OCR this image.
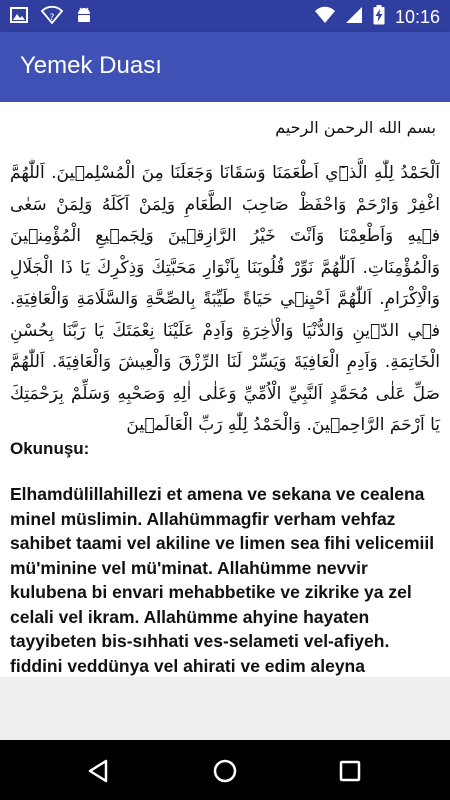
?	10:16
Yemek Duası
بسم الله الرحمن الرحيم
اَلْحَمْدُ لِلّٰهِ الَّذ۪ٓي اَطْعَمَنَا وَسَقَانَا وَجَعَلَنَا مِنَ الْمُسْلِم۪ينَ. اَللّٰهُمَّ اغْفِرْ وَارْحَمْ وَاحْفَظْ صَاحِبَ الطَّعَامِ وَلِمَنْ اَكَلَهُ وَلِمَنْ سَعٰى ف۪يهِ وَاَطْعِمْنَا وَاَنْتَ خَيْرُ الرَّازِق۪ينَ وَلِجَم۪يعِ الْمُؤْمِن۪ينَ وَالْمُؤْمِنَاتِ. اَللّٰهُمَّ نَوِّرْ قُلُوبَنَا بِاَنْوَارِ مَحَبَّتِكَ وَذِكْرِكَ يَا ذَا الْجَلَالِ وَالْاِكْرَامِ. اَللّٰهُمَّ اَحْيِن۪ي حَيَاةً طَيِّبَةً بِالصِّحَّةِ وَالسَّلَامَةِ وَالْعَافِيَةِ. ف۪ي الدّ۪ينِ وَالدُّنْيَا وَالْاٰخِرَةِ وَاَدِمْ عَلَيْنَا نِعْمَتَكَ يَا رَبَّنَا بِحُسْنِ الْخَاتِمَةِ. وَاَدِمِ الْعَافِيَةَ وَيَسِّرْ لَنَا الرِّزْقَ وَالْعِيشَ وَالْعَافِيَةَ. اَللّٰهُمَّ صَلِّ عَلٰى مُحَمَّدٍ اَلنَّبِيِّ الْاُمِّيِّ وَعَلٰى اٰلِهِ وَصَحْبِهِ وَسَلِّمْ بِرَحْمَتِكَ يَا اَرْحَمَ الرَّاحِم۪ينَ. وَالْحَمْدُ لِلّٰهِ رَبِّ الْعَالَم۪ينَ
Okunuşu:
Elhamdülillahillezi et amena ve sekana ve cealena minel müslimin. Allahümmagfir verham vehfaz sahibet taami vel akiline ve limen sea fihi velicemiil mü'minine vel mü'minat. Allahümme nevvir kulubena bi envari mehabbetike ve zikrike ya zel celali vel ikram. Allahümme ahyine hayaten tayyibeten bis-sıhhati ves-selameti vel-afiyeh. fiddini veddünya vel ahirati ve edim aleyna
